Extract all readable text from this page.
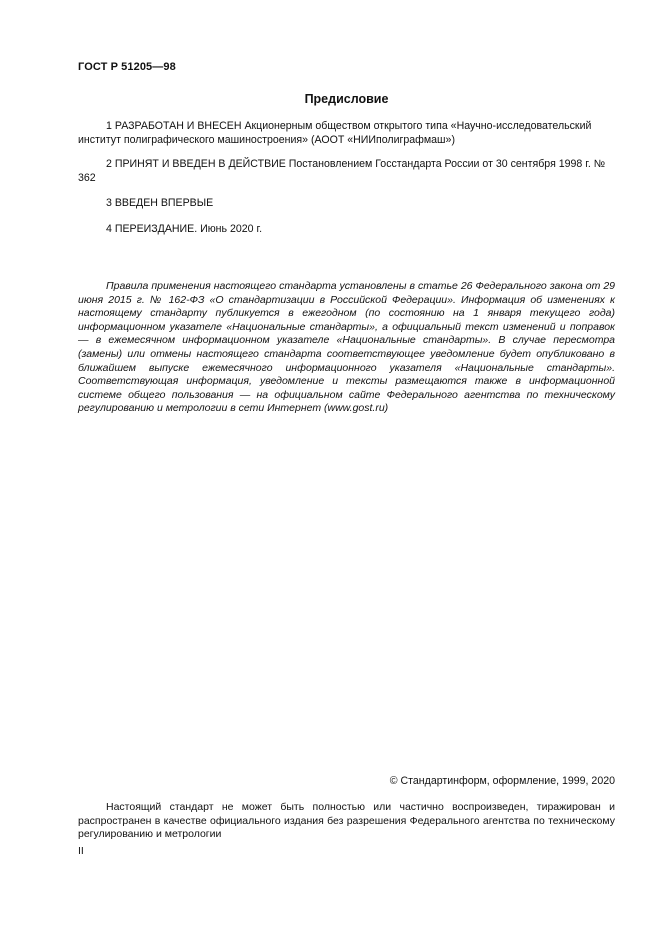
ГОСТ Р 51205—98
Предисловие

1 РАЗРАБОТАН И ВНЕСЕН Акционерным обществом открытого типа «Научно-исследовательский институт полиграфического машиностроения» (АООТ «НИИполиграфмаш»)

2 ПРИНЯТ И ВВЕДЕН В ДЕЙСТВИЕ Постановлением Госстандарта России от 30 сентября 1998 г. № 362

3 ВВЕДЕН ВПЕРВЫЕ

4 ПЕРЕИЗДАНИЕ. Июнь 2020 г.

Правила применения настоящего стандарта установлены в статье 26 Федерального закона от 29 июня 2015 г. № 162-ФЗ «О стандартизации в Российской Федерации». Информация об изменениях к настоящему стандарту публикуется в ежегодном (по состоянию на 1 января текущего года) информационном указателе «Национальные стандарты», а официальный текст изменений и поправок — в ежемесячном информационном указателе «Национальные стандарты». В случае пересмотра (замены) или отмены настоящего стандарта соответствующее уведомление будет опубликовано в ближайшем выпуске ежемесячного информационного указателя «Национальные стандарты». Соответствующая информация, уведомление и тексты размещаются также в информационной системе общего пользования — на официальном сайте Федерального агентства по техническому регулированию и метрологии в сети Интернет (www.gost.ru)

© Стандартинформ, оформление, 1999, 2020

Настоящий стандарт не может быть полностью или частично воспроизведен, тиражирован и распространен в качестве официального издания без разрешения Федерального агентства по техническому регулированию и метрологии

II
